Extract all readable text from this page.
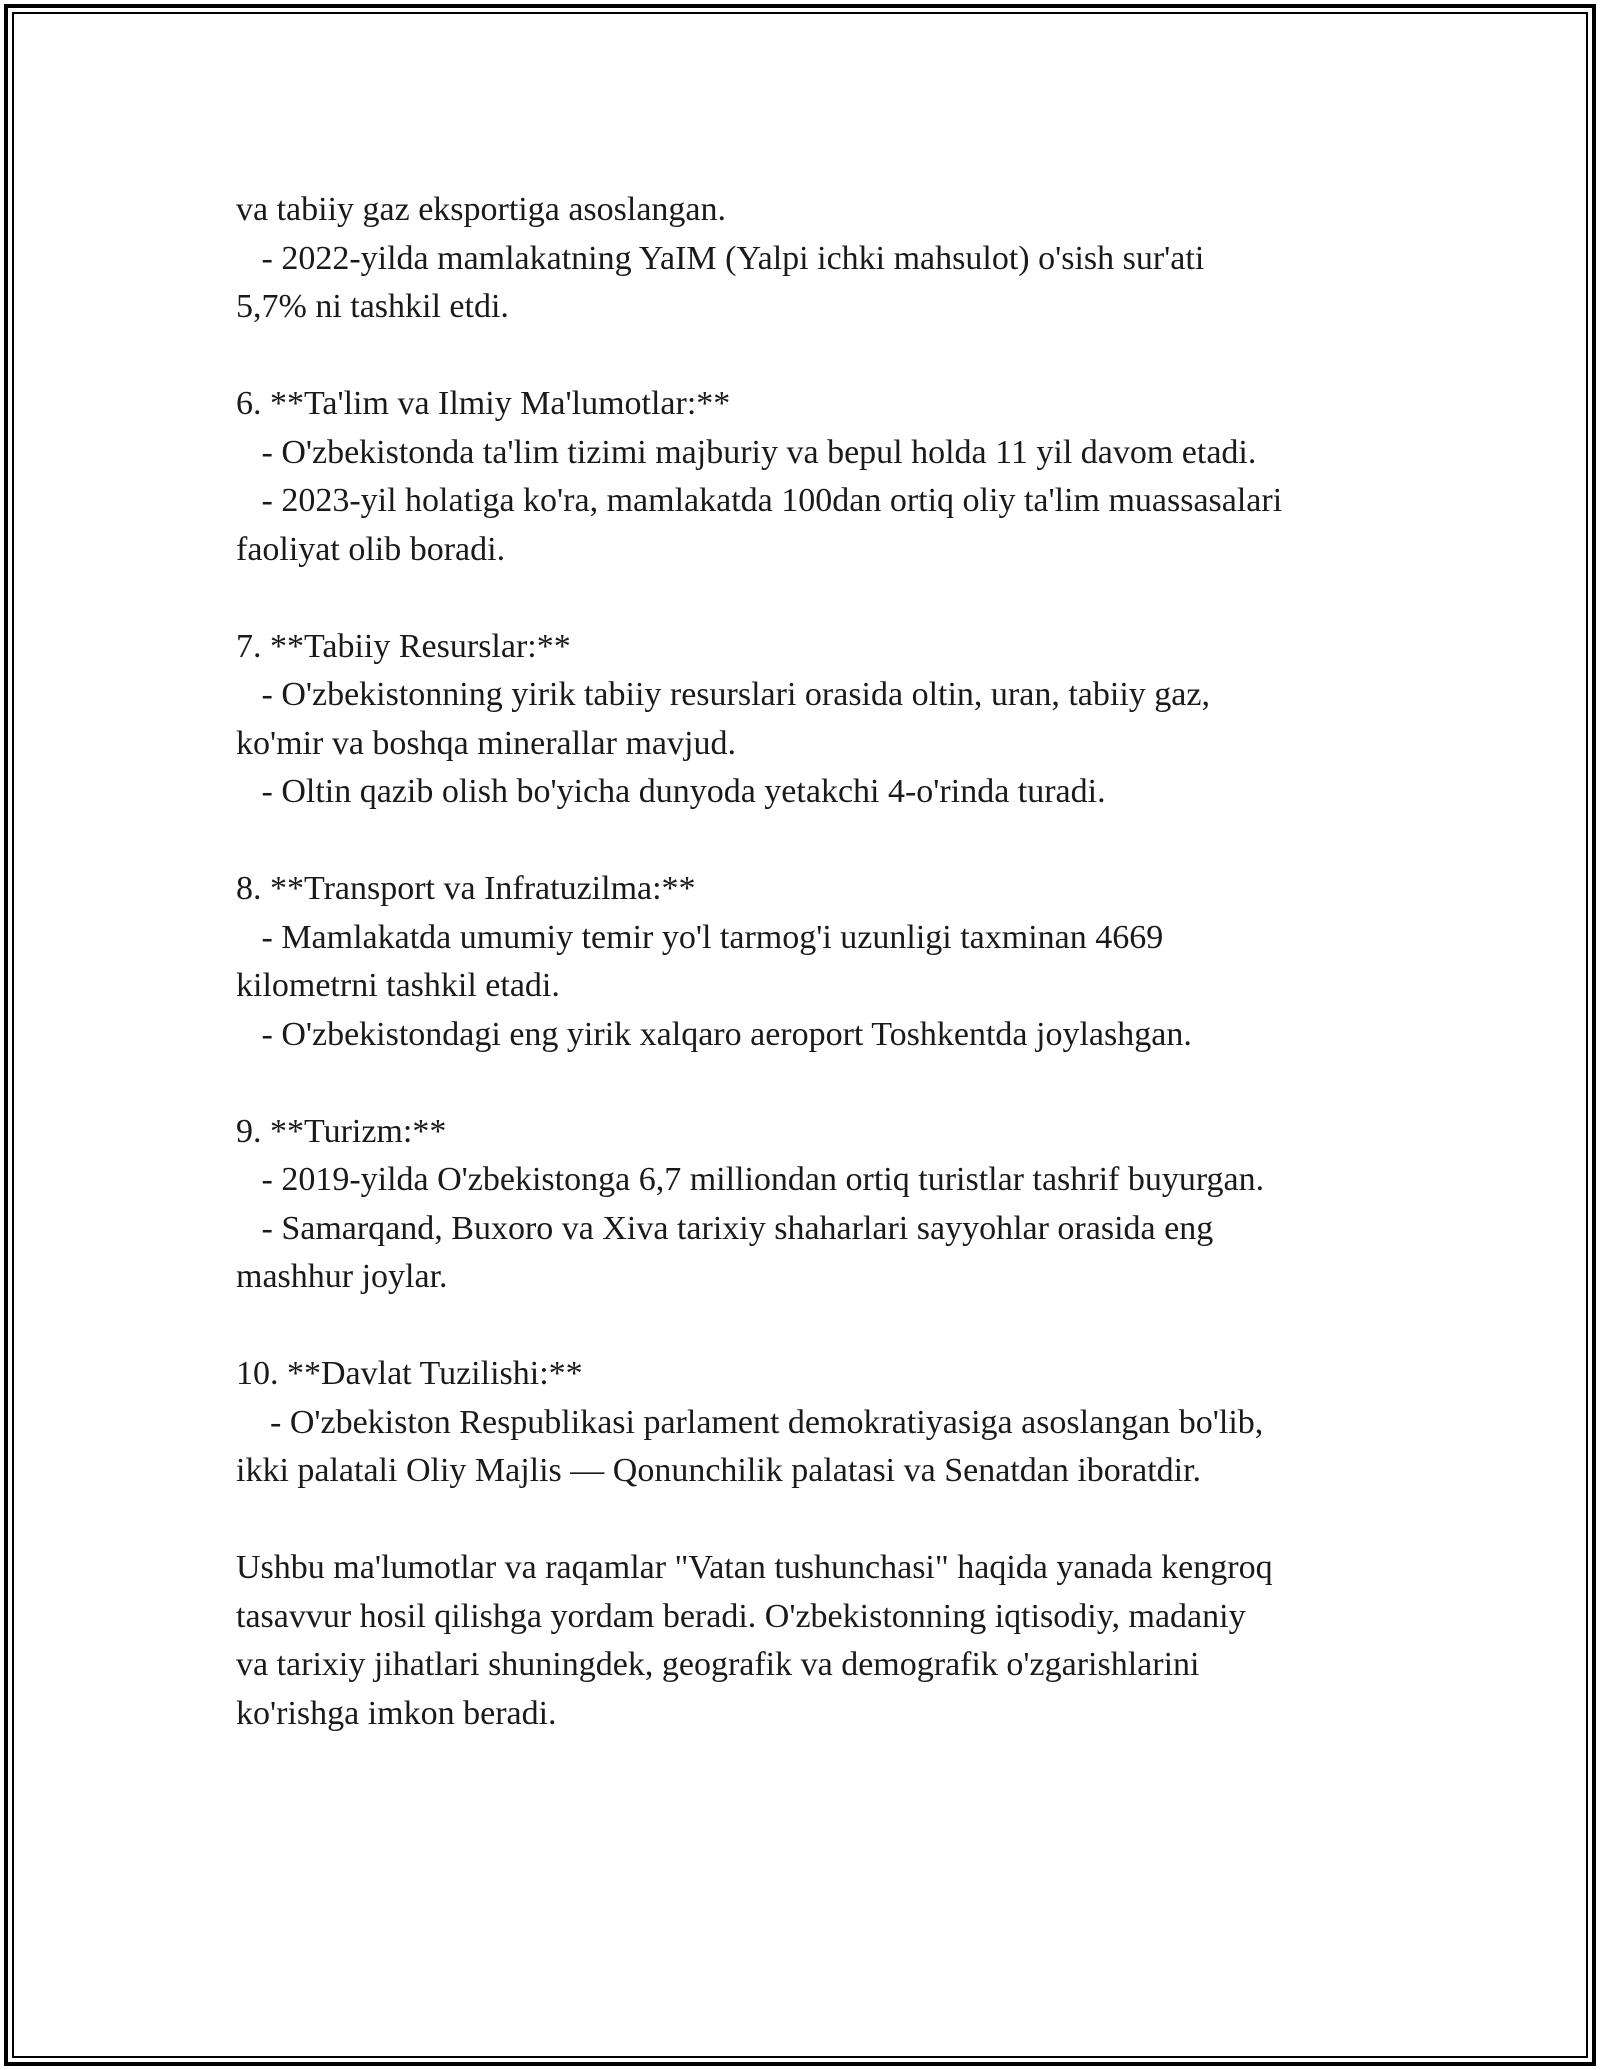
va tabiiy gaz eksportiga asoslangan.

- 2022-yilda mamlakatning YaIM (Yalpi ichki mahsulot) o'sish sur'ati

5,7% ni tashkil etdi.

6. **Ta'lim va Ilmiy Ma'lumotlar:**

- O'zbekistonda ta'lim tizimi majburiy va bepul holda 11 yil davom etadi.

- 2023-yil holatiga ko'ra, mamlakatda 100dan ortiq oliy ta'lim muassasalari

faoliyat olib boradi.

7. **Tabiiy Resurslar:**

- O'zbekistonning yirik tabiiy resurslari orasida oltin, uran, tabiiy gaz,

ko'mir va boshqa minerallar mavjud.

- Oltin qazib olish bo'yicha dunyoda yetakchi 4-o'rinda turadi.

8. **Transport va Infratuzilma:**

- Mamlakatda umumiy temir yo'l tarmog'i uzunligi taxminan 4669

kilometrni tashkil etadi.

- O'zbekistondagi eng yirik xalqaro aeroport Toshkentda joylashgan.

9. **Turizm:**

- 2019-yilda O'zbekistonga 6,7 milliondan ortiq turistlar tashrif buyurgan.

- Samarqand, Buxoro va Xiva tarixiy shaharlari sayyohlar orasida eng

mashhur joylar.

10. **Davlat Tuzilishi:**

- O'zbekiston Respublikasi parlament demokratiyasiga asoslangan bo'lib,

ikki palatali Oliy Majlis — Qonunchilik palatasi va Senatdan iboratdir.

Ushbu ma'lumotlar va raqamlar "Vatan tushunchasi" haqida yanada kengroq

tasavvur hosil qilishga yordam beradi. O'zbekistonning iqtisodiy, madaniy

va tarixiy jihatlari shuningdek, geografik va demografik o'zgarishlarini

ko'rishga imkon beradi.
